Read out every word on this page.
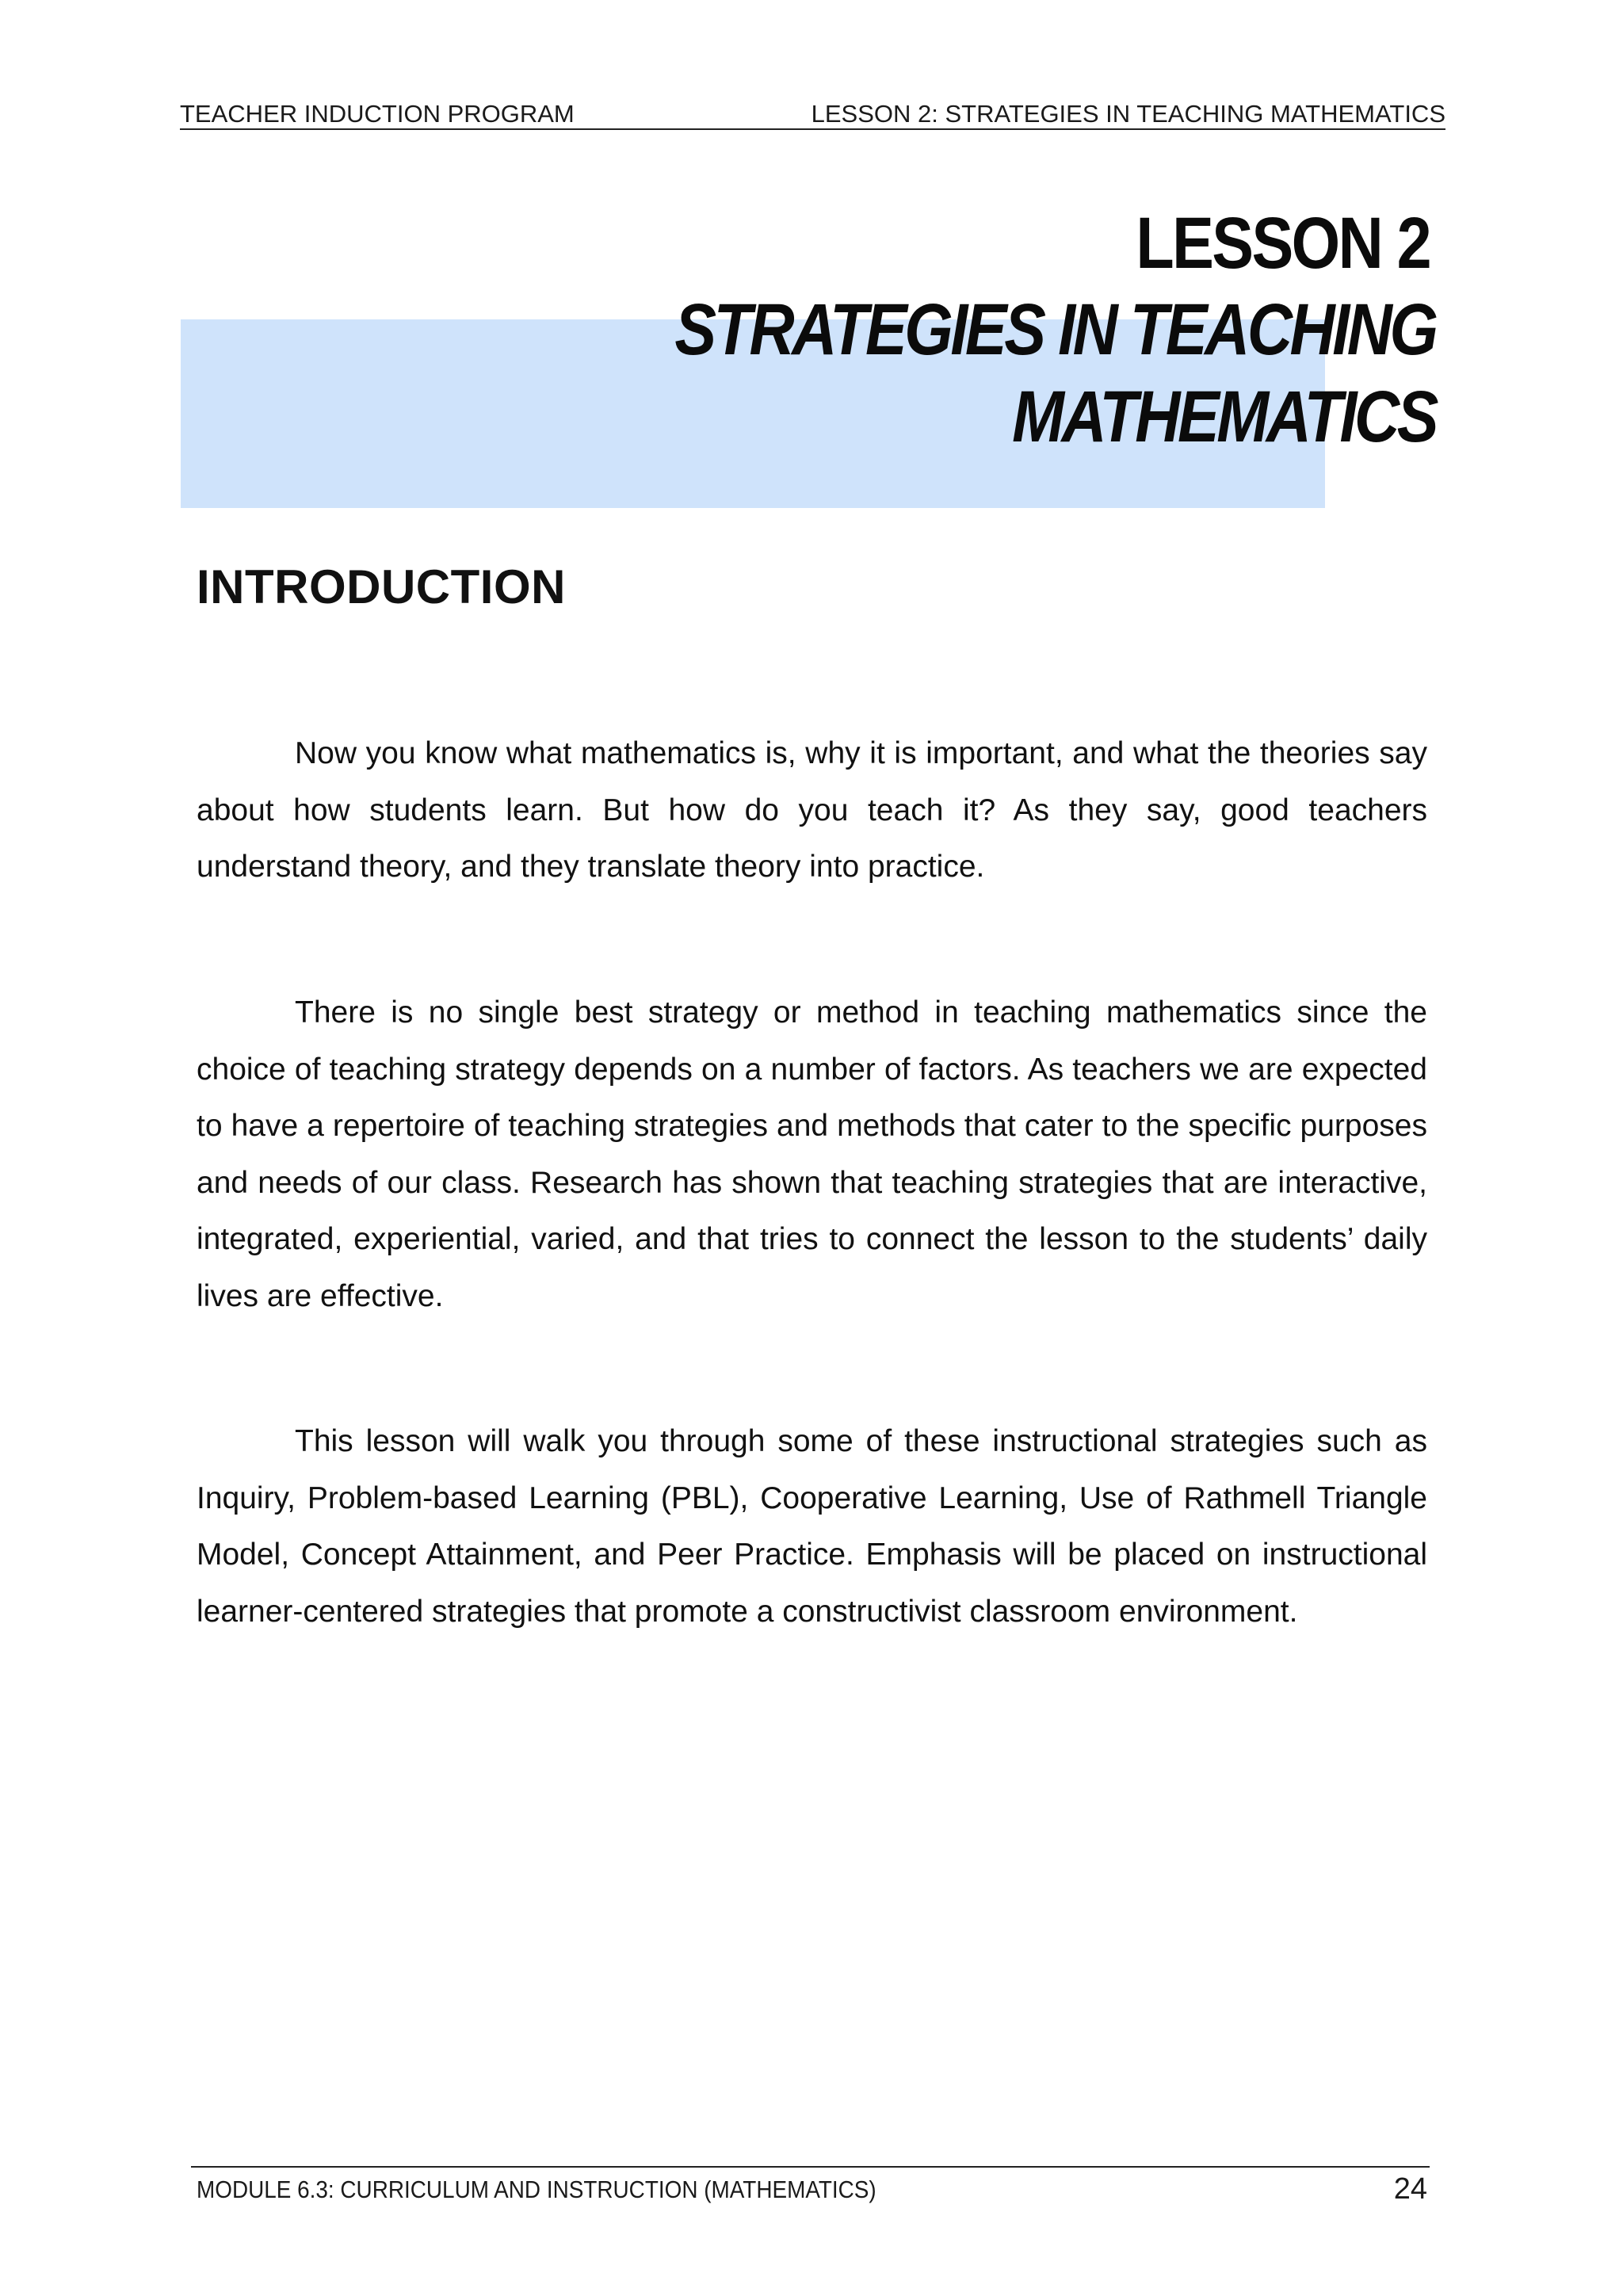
TEACHER INDUCTION PROGRAM	LESSON 2: STRATEGIES IN TEACHING MATHEMATICS
LESSON 2
STRATEGIES IN TEACHING
MATHEMATICS
INTRODUCTION

Now you know what mathematics is, why it is important, and what the theories say about how students learn. But how do you teach it? As they say, good teachers understand theory, and they translate theory into practice.

There is no single best strategy or method in teaching mathematics since the choice of teaching strategy depends on a number of factors. As teachers we are expected to have a repertoire of teaching strategies and methods that cater to the specific purposes and needs of our class. Research has shown that teaching strategies that are interactive, integrated, experiential, varied, and that tries to connect the lesson to the students’ daily lives are effective.

This lesson will walk you through some of these instructional strategies such as Inquiry, Problem-based Learning (PBL), Cooperative Learning, Use of Rathmell Triangle Model, Concept Attainment, and Peer Practice. Emphasis will be placed on instructional learner-centered strategies that promote a constructivist classroom environment.

MODULE 6.3: CURRICULUM AND INSTRUCTION (MATHEMATICS)	24
